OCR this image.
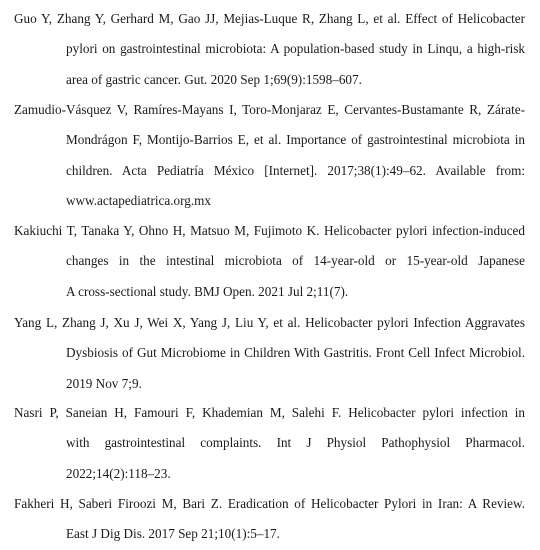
Guo Y, Zhang Y, Gerhard M, Gao JJ, Mejias-Luque R, Zhang L, et al. Effect of Helicobacter
pylori on gastrointestinal microbiota: A population-based study in Linqu, a high-risk
area of gastric cancer. Gut. 2020 Sep 1;69(9):1598–607.
Zamudio-Vásquez V, Ramíres-Mayans I, Toro-Monjaraz E, Cervantes-Bustamante R, Zárate-
Mondrágon F, Montijo-Barrios E, et al. Importance of gastrointestinal microbiota in
children. Acta Pediatría México [Internet]. 2017;38(1):49–62. Available from:
www.actapediatrica.org.mx
Kakiuchi T, Tanaka Y, Ohno H, Matsuo M, Fujimoto K. Helicobacter pylori infection-induced
changes in the intestinal microbiota of 14-year-old or 15-year-old Japanese
A cross-sectional study. BMJ Open. 2021 Jul 2;11(7).
Yang L, Zhang J, Xu J, Wei X, Yang J, Liu Y, et al. Helicobacter pylori Infection Aggravates
Dysbiosis of Gut Microbiome in Children With Gastritis. Front Cell Infect Microbiol.
2019 Nov 7;9.
Nasri P, Saneian H, Famouri F, Khademian M, Salehi F. Helicobacter pylori infection in
with gastrointestinal complaints. Int J Physiol Pathophysiol Pharmacol.
2022;14(2):118–23.
Fakheri H, Saberi Firoozi M, Bari Z. Eradication of Helicobacter Pylori in Iran: A Review.
East J Dig Dis. 2017 Sep 21;10(1):5–17.
